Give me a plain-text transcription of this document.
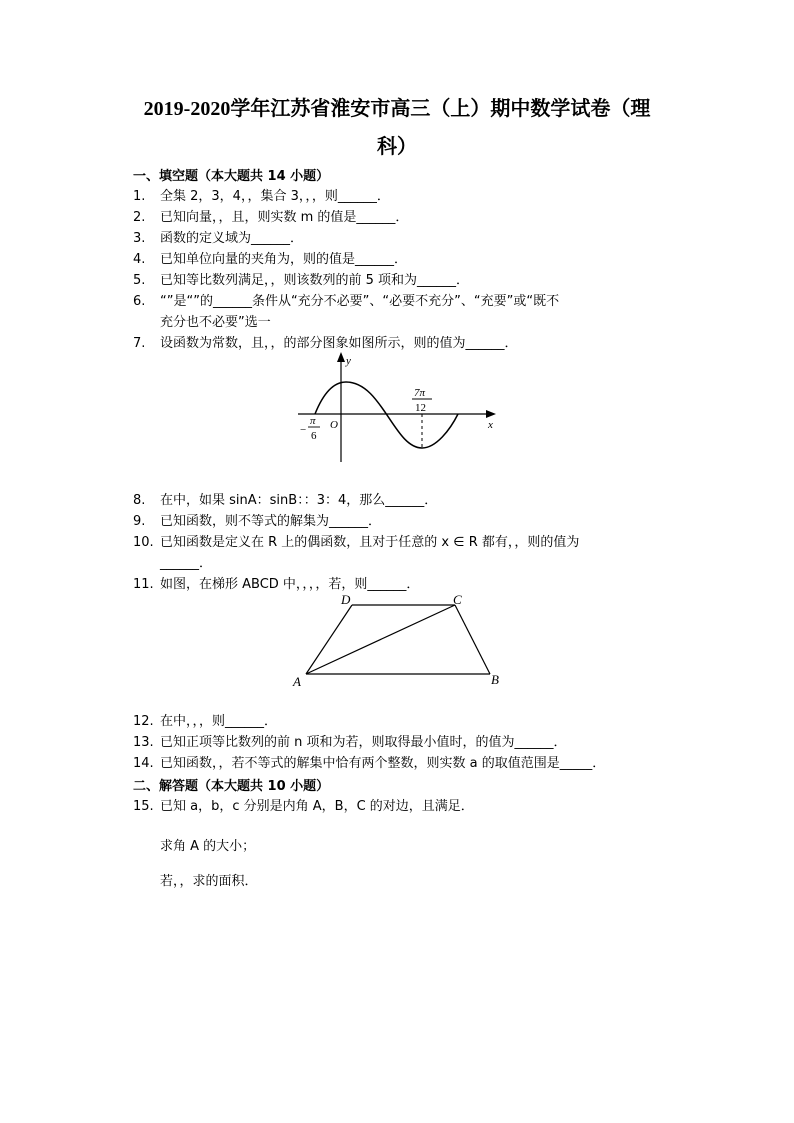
2019-2020学年江苏省淮安市高三（上）期中数学试卷（理
科）
一、填空题（本大题共 14 小题）
1. 全集 2，3，4，，集合 3，，，则______．
2. 已知向量，，且，则实数 m 的值是______．
3. 函数的定义域为______．
4. 已知单位向量的夹角为，则的值是______．
5. 已知等比数列满足，，则该数列的前 5 项和为______．
6. “”是“”的______条件从“充分不必要”、“必要不充分”、“充要”或“既不
充分也不必要”选一
7. 设函数为常数，且，，的部分图象如图所示，则的值为______．
y
x
O
−
π
6
7π
12
8. 在中，如果 sinA：sinB：：3：4，那么______．
9. 已知函数，则不等式的解集为______．
10. 已知函数是定义在 R 上的偶函数，且对于任意的 x ∈ R 都有，，则的值为
______．
11. 如图，在梯形 ABCD 中，，，，若，则______．
A	B
C
D
12. 在中，，，则______．
13. 已知正项等比数列的前 n 项和为若，则取得最小值时，的值为______．
14. 已知函数，，若不等式的解集中恰有两个整数，则实数 a 的取值范围是_____．
二、解答题（本大题共 10 小题）
15. 已知 a，b，c 分别是内角 A，B，C 的对边，且满足．
求角 A 的大小；
若，，求的面积．
